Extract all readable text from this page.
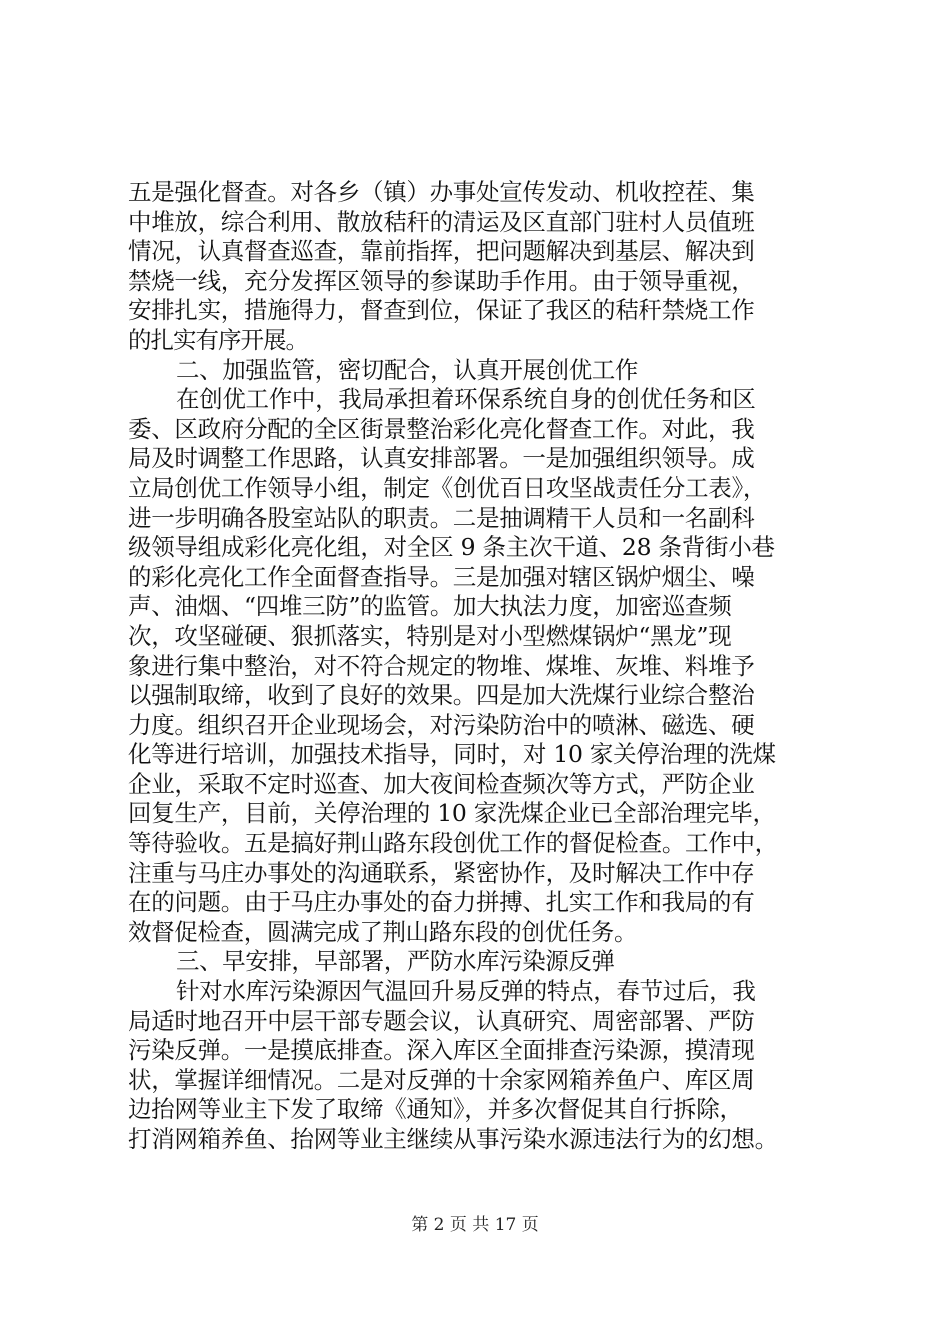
五是强化督查。对各乡（镇）办事处宣传发动、机收控茬、集
中堆放，综合利用、散放秸秆的清运及区直部门驻村人员值班
情况，认真督查巡查，靠前指挥，把问题解决到基层、解决到
禁烧一线，充分发挥区领导的参谋助手作用。由于领导重视，
安排扎实，措施得力，督查到位，保证了我区的秸秆禁烧工作
的扎实有序开展。
二、加强监管，密切配合，认真开展创优工作
在创优工作中，我局承担着环保系统自身的创优任务和区
委、区政府分配的全区街景整治彩化亮化督查工作。对此，我
局及时调整工作思路，认真安排部署。一是加强组织领导。成
立局创优工作领导小组，制定《创优百日攻坚战责任分工表》，
进一步明确各股室站队的职责。二是抽调精干人员和一名副科
级领导组成彩化亮化组，对全区 9 条主次干道、28 条背街小巷
的彩化亮化工作全面督查指导。三是加强对辖区锅炉烟尘、噪
声、油烟、“四堆三防”的监管。加大执法力度，加密巡查频
次，攻坚碰硬、狠抓落实，特别是对小型燃煤锅炉“黑龙”现
象进行集中整治，对不符合规定的物堆、煤堆、灰堆、料堆予
以强制取缔，收到了良好的效果。四是加大洗煤行业综合整治
力度。组织召开企业现场会，对污染防治中的喷淋、磁选、硬
化等进行培训，加强技术指导，同时，对 10 家关停治理的洗煤
企业，采取不定时巡查、加大夜间检查频次等方式，严防企业
回复生产，目前，关停治理的 10 家洗煤企业已全部治理完毕，
等待验收。五是搞好荆山路东段创优工作的督促检查。工作中，
注重与马庄办事处的沟通联系，紧密协作，及时解决工作中存
在的问题。由于马庄办事处的奋力拼搏、扎实工作和我局的有
效督促检查，圆满完成了荆山路东段的创优任务。
三、早安排，早部署，严防水库污染源反弹
针对水库污染源因气温回升易反弹的特点，春节过后，我
局适时地召开中层干部专题会议，认真研究、周密部署、严防
污染反弹。一是摸底排查。深入库区全面排查污染源，摸清现
状，掌握详细情况。二是对反弹的十余家网箱养鱼户、库区周
边抬网等业主下发了取缔《通知》，并多次督促其自行拆除，
打消网箱养鱼、抬网等业主继续从事污染水源违法行为的幻想。
第 2 页 共 17 页
